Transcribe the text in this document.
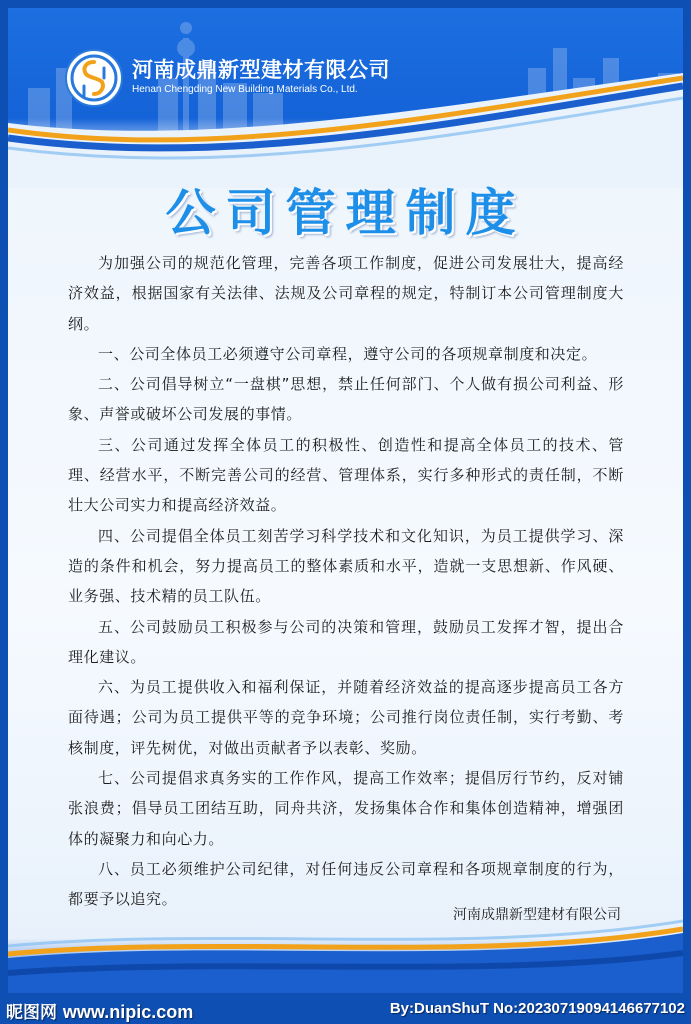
河南成鼎新型建材有限公司
Henan Chengding New Building Materials Co., Ltd.
公司管理制度

为加强公司的规范化管理，完善各项工作制度，促进公司发展壮大，提高经济效益，根据国家有关法律、法规及公司章程的规定，特制订本公司管理制度大纲。

一、公司全体员工必须遵守公司章程，遵守公司的各项规章制度和决定。

二、公司倡导树立“一盘棋”思想，禁止任何部门、个人做有损公司利益、形象、声誉或破坏公司发展的事情。

三、公司通过发挥全体员工的积极性、创造性和提高全体员工的技术、管理、经营水平，不断完善公司的经营、管理体系，实行多种形式的责任制，不断壮大公司实力和提高经济效益。

四、公司提倡全体员工刻苦学习科学技术和文化知识，为员工提供学习、深造的条件和机会，努力提高员工的整体素质和水平，造就一支思想新、作风硬、业务强、技术精的员工队伍。

五、公司鼓励员工积极参与公司的决策和管理，鼓励员工发挥才智，提出合理化建议。

六、为员工提供收入和福利保证，并随着经济效益的提高逐步提高员工各方面待遇；公司为员工提供平等的竞争环境；公司推行岗位责任制，实行考勤、考核制度，评先树优，对做出贡献者予以表彰、奖励。

七、公司提倡求真务实的工作作风，提高工作效率；提倡厉行节约，反对铺张浪费；倡导员工团结互助，同舟共济，发扬集体合作和集体创造精神，增强团体的凝聚力和向心力。

八、员工必须维护公司纪律，对任何违反公司章程和各项规章制度的行为，都要予以追究。

河南成鼎新型建材有限公司
昵图网 www.nipic.com	By:DuanShuT No:20230719094146677102
